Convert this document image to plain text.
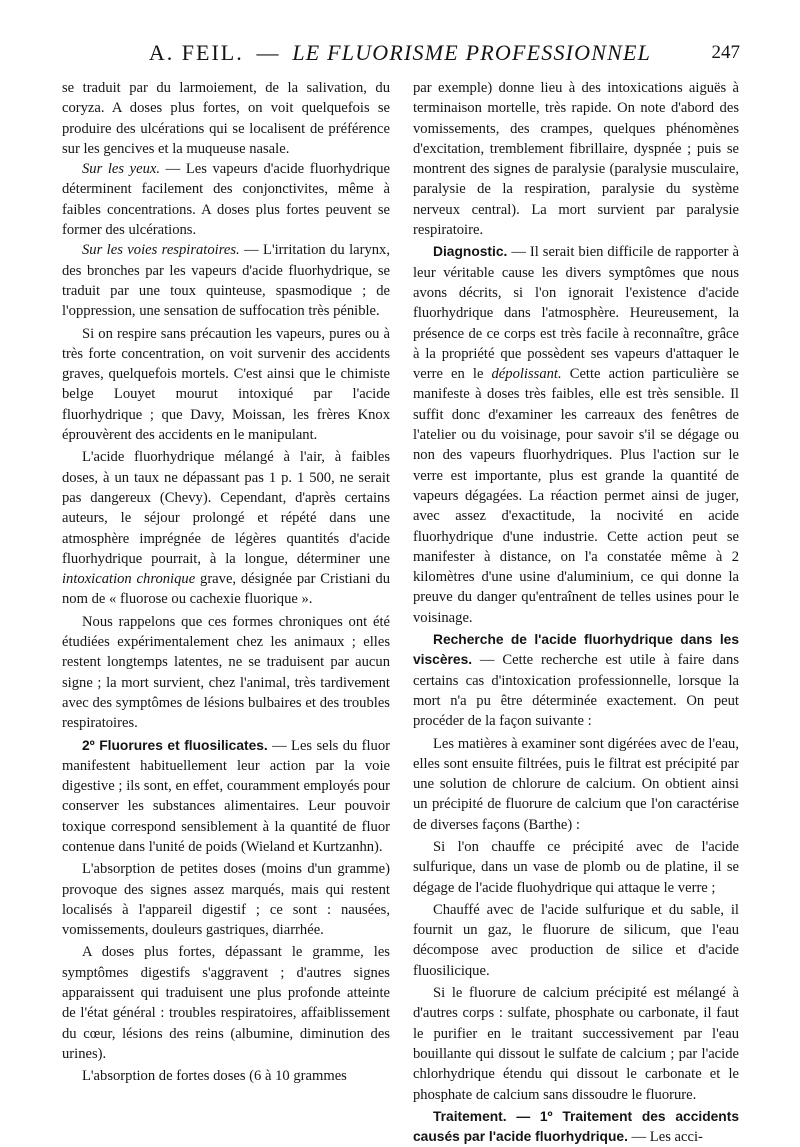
A. FEIL. — LE FLUORISME PROFESSIONNEL	247

se traduit par du larmoiement, de la salivation, du coryza. A doses plus fortes, on voit quelquefois se produire des ulcérations qui se localisent de préférence sur les gencives et la muqueuse nasale.

Sur les yeux. — Les vapeurs d'acide fluorhydrique déterminent facilement des conjonctivites, même à faibles concentrations. A doses plus fortes peuvent se former des ulcérations.

Sur les voies respiratoires. — L'irritation du larynx, des bronches par les vapeurs d'acide fluorhydrique, se traduit par une toux quinteuse, spasmodique ; de l'oppression, une sensation de suffocation très pénible.

Si on respire sans précaution les vapeurs, pures ou à très forte concentration, on voit survenir des accidents graves, quelquefois mortels. C'est ainsi que le chimiste belge Louyet mourut intoxiqué par l'acide fluorhydrique ; que Davy, Moissan, les frères Knox éprouvèrent des accidents en le manipulant.

L'acide fluorhydrique mélangé à l'air, à faibles doses, à un taux ne dépassant pas 1 p. 1 500, ne serait pas dangereux (Chevy). Cependant, d'après certains auteurs, le séjour prolongé et répété dans une atmosphère imprégnée de légères quantités d'acide fluorhydrique pourrait, à la longue, déterminer une intoxication chronique grave, désignée par Cristiani du nom de « fluorose ou cachexie fluorique ».

Nous rappelons que ces formes chroniques ont été étudiées expérimentalement chez les animaux ; elles restent longtemps latentes, ne se traduisent par aucun signe ; la mort survient, chez l'animal, très tardivement avec des symptômes de lésions bulbaires et des troubles respiratoires.

2º Fluorures et fluosilicates. — Les sels du fluor manifestent habituellement leur action par la voie digestive ; ils sont, en effet, couramment employés pour conserver les substances alimentaires. Leur pouvoir toxique correspond sensiblement à la quantité de fluor contenue dans l'unité de poids (Wieland et Kurtzanhn).

L'absorption de petites doses (moins d'un gramme) provoque des signes assez marqués, mais qui restent localisés à l'appareil digestif ; ce sont : nausées, vomissements, douleurs gastriques, diarrhée.

A doses plus fortes, dépassant le gramme, les symptômes digestifs s'aggravent ; d'autres signes apparaissent qui traduisent une plus profonde atteinte de l'état général : troubles respiratoires, affaiblissement du cœur, lésions des reins (albumine, diminution des urines).

L'absorption de fortes doses (6 à 10 grammes

par exemple) donne lieu à des intoxications aiguës à terminaison mortelle, très rapide. On note d'abord des vomissements, des crampes, quelques phénomènes d'excitation, tremblement fibrillaire, dyspnée ; puis se montrent des signes de paralysie (paralysie musculaire, paralysie de la respiration, paralysie du système nerveux central). La mort survient par paralysie respiratoire.

Diagnostic. — Il serait bien difficile de rapporter à leur véritable cause les divers symptômes que nous avons décrits, si l'on ignorait l'existence d'acide fluorhydrique dans l'atmosphère. Heureusement, la présence de ce corps est très facile à reconnaître, grâce à la propriété que possèdent ses vapeurs d'attaquer le verre en le dépolissant. Cette action particulière se manifeste à doses très faibles, elle est très sensible. Il suffit donc d'examiner les carreaux des fenêtres de l'atelier ou du voisinage, pour savoir s'il se dégage ou non des vapeurs fluorhydriques. Plus l'action sur le verre est importante, plus est grande la quantité de vapeurs dégagées. La réaction permet ainsi de juger, avec assez d'exactitude, la nocivité en acide fluorhydrique d'une industrie. Cette action peut se manifester à distance, on l'a constatée même à 2 kilomètres d'une usine d'aluminium, ce qui donne la preuve du danger qu'entraînent de telles usines pour le voisinage.

Recherche de l'acide fluorhydrique dans les viscères. — Cette recherche est utile à faire dans certains cas d'intoxication professionnelle, lorsque la mort n'a pu être déterminée exactement. On peut procéder de la façon suivante :

Les matières à examiner sont digérées avec de l'eau, elles sont ensuite filtrées, puis le filtrat est précipité par une solution de chlorure de calcium. On obtient ainsi un précipité de fluorure de calcium que l'on caractérise de diverses façons (Barthe) :

Si l'on chauffe ce précipité avec de l'acide sulfurique, dans un vase de plomb ou de platine, il se dégage de l'acide fluohydrique qui attaque le verre ;

Chauffé avec de l'acide sulfurique et du sable, il fournit un gaz, le fluorure de silicum, que l'eau décompose avec production de silice et d'acide fluosilicique.

Si le fluorure de calcium précipité est mélangé à d'autres corps : sulfate, phosphate ou carbonate, il faut le purifier en le traitant successivement par l'eau bouillante qui dissout le sulfate de calcium ; par l'acide chlorhydrique étendu qui dissout le carbonate et le phosphate de calcium sans dissoudre le fluorure.

Traitement. — 1º Traitement des accidents causés par l'acide fluorhydrique. — Les acci-
